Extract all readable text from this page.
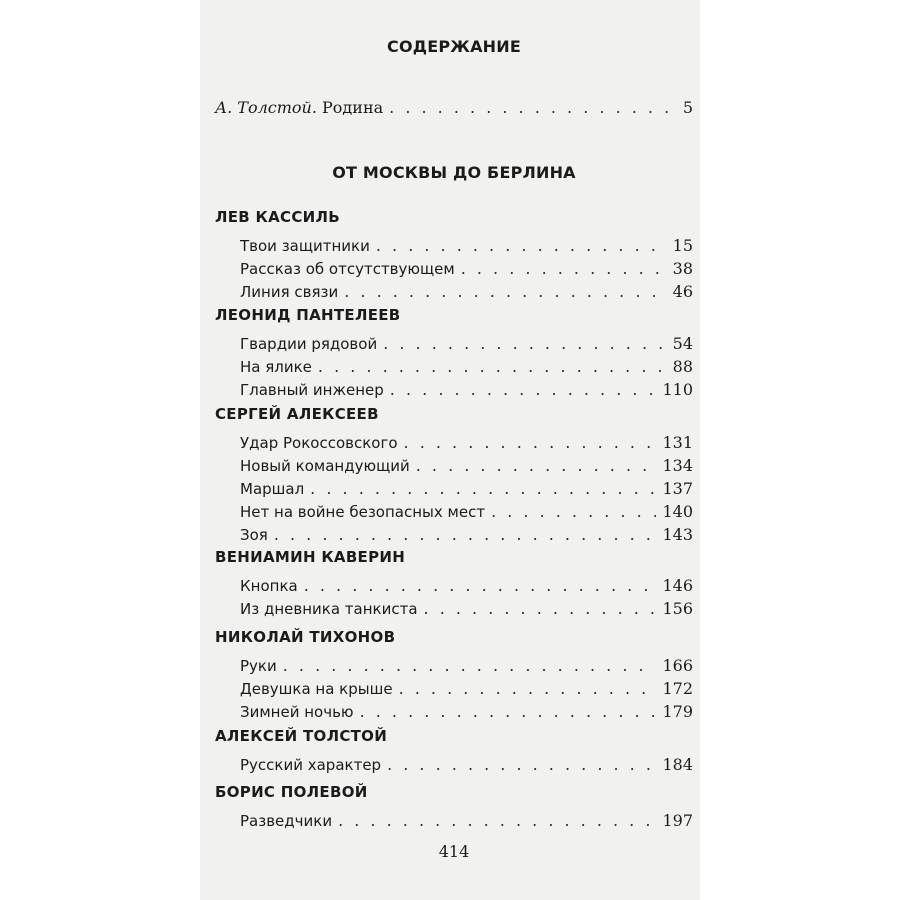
СОДЕРЖАНИЕ
А. Толстой. Родина . . .	5
ОТ МОСКВЫ ДО БЕРЛИНА
ЛЕВ КАССИЛЬ
Твои защитники . . .	15
Рассказ об отсутствующем . . .	38
Линия связи . . .	46
ЛЕОНИД ПАНТЕЛЕЕВ
Гвардии рядовой . . .	54
На ялике . . .	88
Главный инженер . . .	110
СЕРГЕЙ АЛЕКСЕЕВ
Удар Рокоссовского . . .	131
Новый командующий . . .	134
Маршал . . .	137
Нет на войне безопасных мест . . .	140
Зоя . . .	143
ВЕНИАМИН КАВЕРИН
Кнопка . . .	146
Из дневника танкиста . . .	156
НИКОЛАЙ ТИХОНОВ
Руки . . .	166
Девушка на крыше . . .	172
Зимней ночью . . .	179
АЛЕКСЕЙ ТОЛСТОЙ
Русский характер . . .	184
БОРИС ПОЛЕВОЙ
Разведчики . . .	197
414
